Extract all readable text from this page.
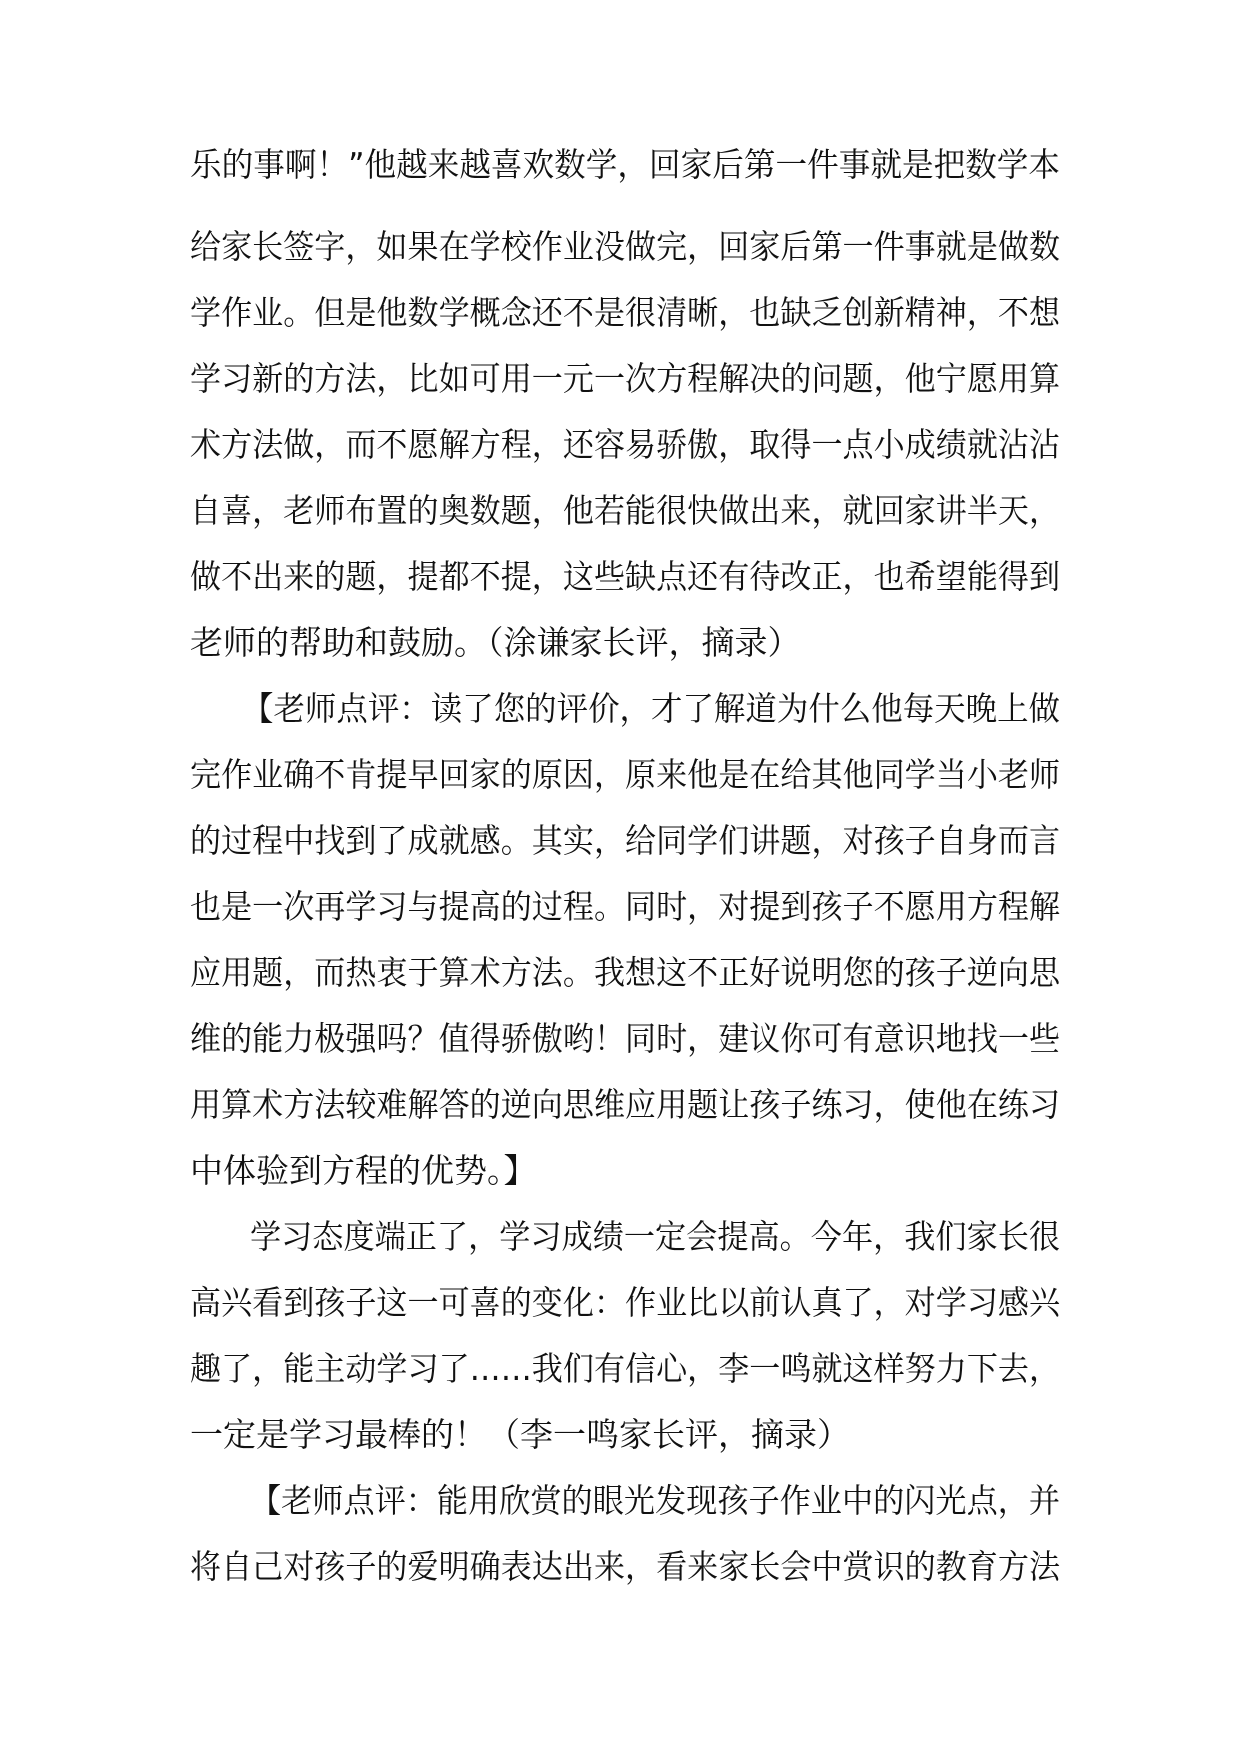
乐的事啊！”他越来越喜欢数学，回家后第一件事就是把数学本
给家长签字，如果在学校作业没做完，回家后第一件事就是做数
学作业。但是他数学概念还不是很清晰，也缺乏创新精神，不想
学习新的方法，比如可用一元一次方程解决的问题，他宁愿用算
术方法做，而不愿解方程，还容易骄傲，取得一点小成绩就沾沾
自喜，老师布置的奥数题，他若能很快做出来，就回家讲半天，
做不出来的题，提都不提，这些缺点还有待改正，也希望能得到
老师的帮助和鼓励。（涂谦家长评，摘录）
【老师点评：读了您的评价，才了解道为什么他每天晚上做
完作业确不肯提早回家的原因，原来他是在给其他同学当小老师
的过程中找到了成就感。其实，给同学们讲题，对孩子自身而言
也是一次再学习与提高的过程。同时，对提到孩子不愿用方程解
应用题，而热衷于算术方法。我想这不正好说明您的孩子逆向思
维的能力极强吗？值得骄傲哟！同时，建议你可有意识地找一些
用算术方法较难解答的逆向思维应用题让孩子练习，使他在练习
中体验到方程的优势。】
学习态度端正了，学习成绩一定会提高。今年，我们家长很
高兴看到孩子这一可喜的变化：作业比以前认真了，对学习感兴
趣了，能主动学习了……我们有信心，李一鸣就这样努力下去，
一定是学习最棒的！（李一鸣家长评，摘录）
【老师点评：能用欣赏的眼光发现孩子作业中的闪光点，并
将自己对孩子的爱明确表达出来，看来家长会中赏识的教育方法
